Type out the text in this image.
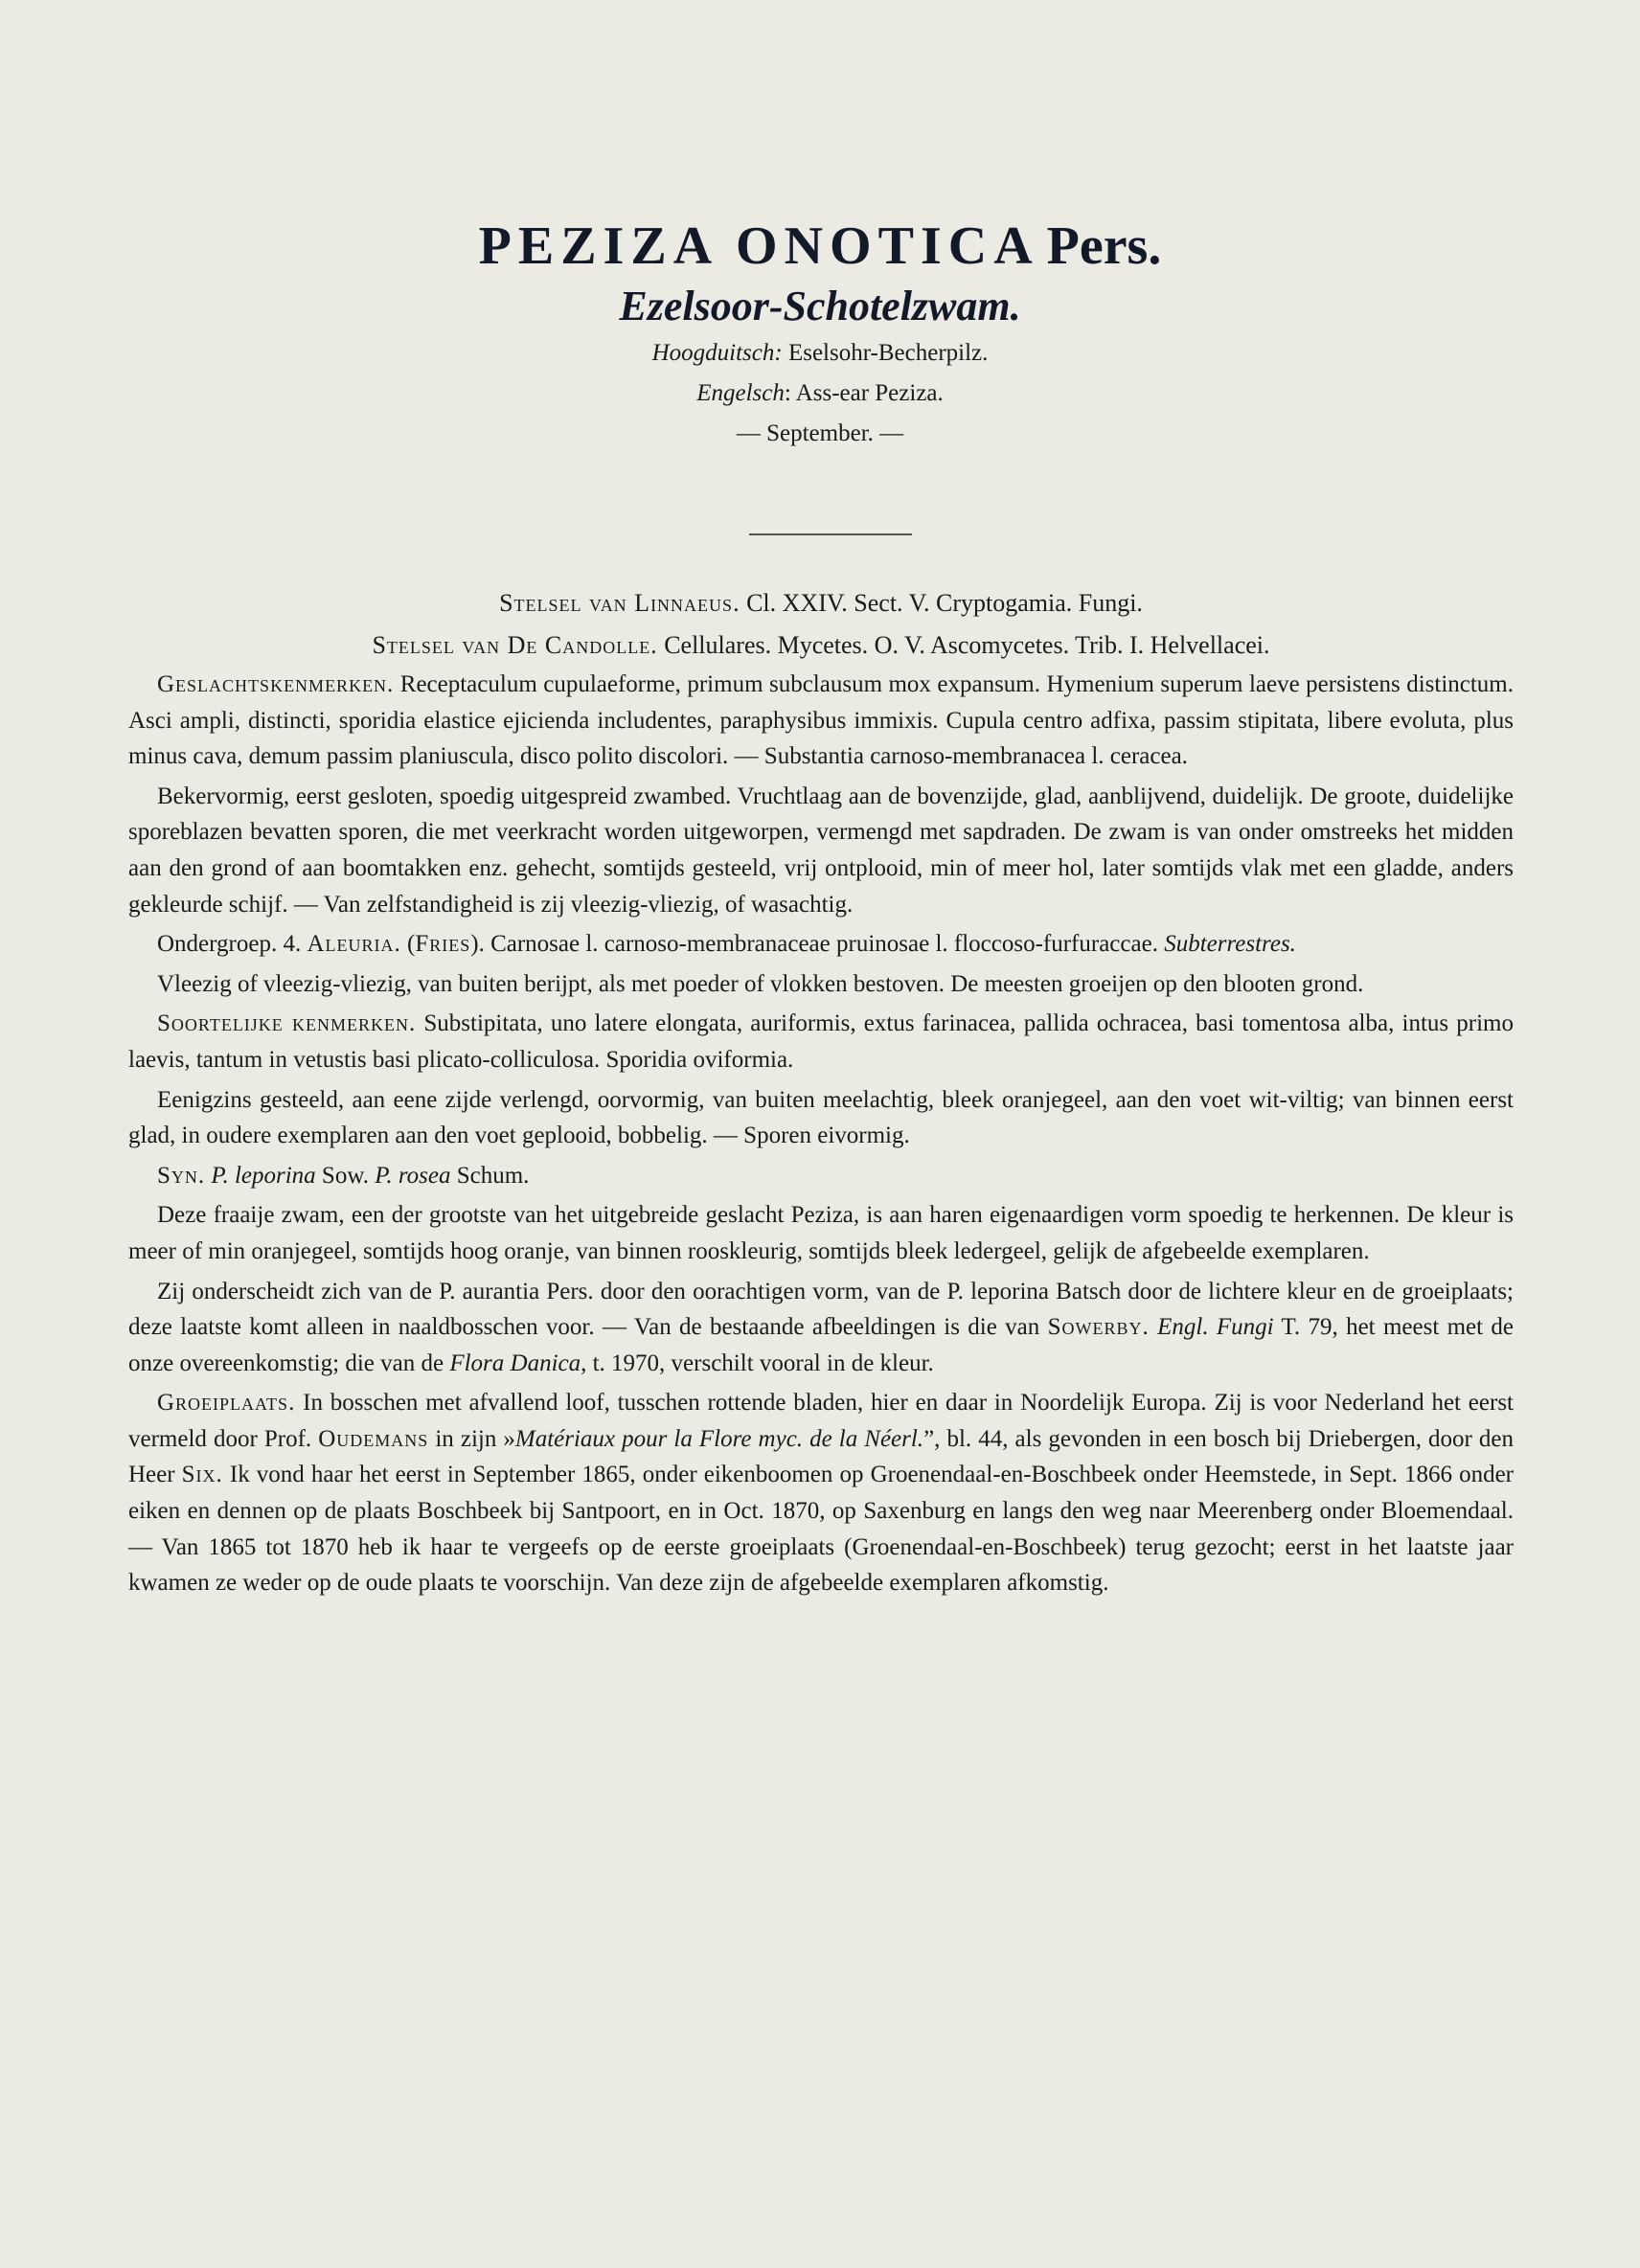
PEZIZA ONOTICA Pers.
Ezelsoor-Schotelzwam.
Hoogduitsch: Eselsohr-Becherpilz.
Engelsch: Ass-ear Peziza.
— September. —
Stelsel van Linnaeus. Cl. XXIV. Sect. V. Cryptogamia. Fungi.
Stelsel van De Candolle. Cellulares. Mycetes. O. V. Ascomycetes. Trib. I. Helvellacei.

Geslachtskenmerken. Receptaculum cupulaeforme, primum subclausum mox expansum. Hymenium superum laeve persistens distinctum. Asci ampli, distincti, sporidia elastice ejicienda includentes, paraphysibus immixis. Cupula centro adfixa, passim stipitata, libere evoluta, plus minus cava, demum passim planiuscula, disco polito discolori. — Substantia carnoso-membranacea l. ceracea.

Bekervormig, eerst gesloten, spoedig uitgespreid zwambed. Vruchtlaag aan de bovenzijde, glad, aanblijvend, duidelijk. De groote, duidelijke sporeblazen bevatten sporen, die met veerkracht worden uitgeworpen, vermengd met sapdraden. De zwam is van onder omstreeks het midden aan den grond of aan boomtakken enz. gehecht, somtijds gesteeld, vrij ontplooid, min of meer hol, later somtijds vlak met een gladde, anders gekleurde schijf. — Van zelfstandigheid is zij vleezig-vliezig, of wasachtig.

Ondergroep. 4. Aleuria. (Fries). Carnosae l. carnoso-membranaceae pruinosae l. floccoso-furfuraccae. Subterrestres.

Vleezig of vleezig-vliezig, van buiten berijpt, als met poeder of vlokken bestoven. De meesten groeijen op den blooten grond.

Soortelijke kenmerken. Substipitata, uno latere elongata, auriformis, extus farinacea, pallida ochracea, basi tomentosa alba, intus primo laevis, tantum in vetustis basi plicato-colliculosa. Sporidia oviformia.

Eenigzins gesteeld, aan eene zijde verlengd, oorvormig, van buiten meelachtig, bleek oranjegeel, aan den voet wit-viltig; van binnen eerst glad, in oudere exemplaren aan den voet geplooid, bobbelig. — Sporen eivormig.

Syn. P. leporina Sow. P. rosea Schum.

Deze fraaije zwam, een der grootste van het uitgebreide geslacht Peziza, is aan haren eigenaardigen vorm spoedig te herkennen. De kleur is meer of min oranjegeel, somtijds hoog oranje, van binnen rooskleurig, somtijds bleek ledergeel, gelijk de afgebeelde exemplaren.

Zij onderscheidt zich van de P. aurantia Pers. door den oorachtigen vorm, van de P. leporina Batsch door de lichtere kleur en de groeiplaats; deze laatste komt alleen in naaldbosschen voor. — Van de bestaande afbeeldingen is die van Sowerby. Engl. Fungi T. 79, het meest met de onze overeenkomstig; die van de Flora Danica, t. 1970, verschilt vooral in de kleur.

Groeiplaats. In bosschen met afvallend loof, tusschen rottende bladen, hier en daar in Noordelijk Europa. Zij is voor Nederland het eerst vermeld door Prof. Oudemans in zijn »Matériaux pour la Flore myc. de la Néerl.”, bl. 44, als gevonden in een bosch bij Driebergen, door den Heer Six. Ik vond haar het eerst in September 1865, onder eikenboomen op Groenendaal-en-Boschbeek onder Heemstede, in Sept. 1866 onder eiken en dennen op de plaats Boschbeek bij Santpoort, en in Oct. 1870, op Saxenburg en langs den weg naar Meerenberg onder Bloemendaal. — Van 1865 tot 1870 heb ik haar te vergeefs op de eerste groeiplaats (Groenendaal-en-Boschbeek) terug gezocht; eerst in het laatste jaar kwamen ze weder op de oude plaats te voorschijn. Van deze zijn de afgebeelde exemplaren afkomstig.
